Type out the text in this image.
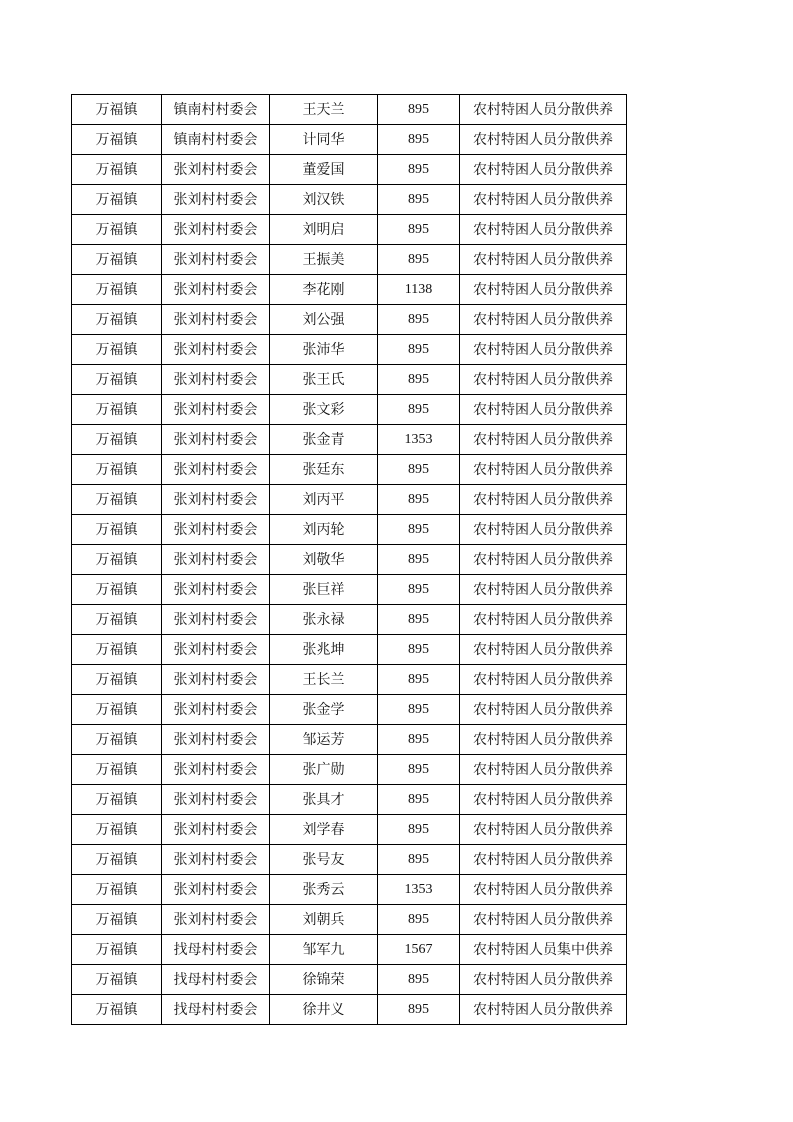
万福镇	镇南村村委会	王天兰	895	农村特困人员分散供养
万福镇	镇南村村委会	计同华	895	农村特困人员分散供养
万福镇	张刘村村委会	董爱国	895	农村特困人员分散供养
万福镇	张刘村村委会	刘汉铁	895	农村特困人员分散供养
万福镇	张刘村村委会	刘明启	895	农村特困人员分散供养
万福镇	张刘村村委会	王振美	895	农村特困人员分散供养
万福镇	张刘村村委会	李花刚	1138	农村特困人员分散供养
万福镇	张刘村村委会	刘公强	895	农村特困人员分散供养
万福镇	张刘村村委会	张沛华	895	农村特困人员分散供养
万福镇	张刘村村委会	张王氏	895	农村特困人员分散供养
万福镇	张刘村村委会	张文彩	895	农村特困人员分散供养
万福镇	张刘村村委会	张金青	1353	农村特困人员分散供养
万福镇	张刘村村委会	张廷东	895	农村特困人员分散供养
万福镇	张刘村村委会	刘丙平	895	农村特困人员分散供养
万福镇	张刘村村委会	刘丙轮	895	农村特困人员分散供养
万福镇	张刘村村委会	刘敬华	895	农村特困人员分散供养
万福镇	张刘村村委会	张巨祥	895	农村特困人员分散供养
万福镇	张刘村村委会	张永禄	895	农村特困人员分散供养
万福镇	张刘村村委会	张兆坤	895	农村特困人员分散供养
万福镇	张刘村村委会	王长兰	895	农村特困人员分散供养
万福镇	张刘村村委会	张金学	895	农村特困人员分散供养
万福镇	张刘村村委会	邹运芳	895	农村特困人员分散供养
万福镇	张刘村村委会	张广勋	895	农村特困人员分散供养
万福镇	张刘村村委会	张具才	895	农村特困人员分散供养
万福镇	张刘村村委会	刘学春	895	农村特困人员分散供养
万福镇	张刘村村委会	张号友	895	农村特困人员分散供养
万福镇	张刘村村委会	张秀云	1353	农村特困人员分散供养
万福镇	张刘村村委会	刘朝兵	895	农村特困人员分散供养
万福镇	找母村村委会	邹军九	1567	农村特困人员集中供养
万福镇	找母村村委会	徐锦荣	895	农村特困人员分散供养
万福镇	找母村村委会	徐井义	895	农村特困人员分散供养
